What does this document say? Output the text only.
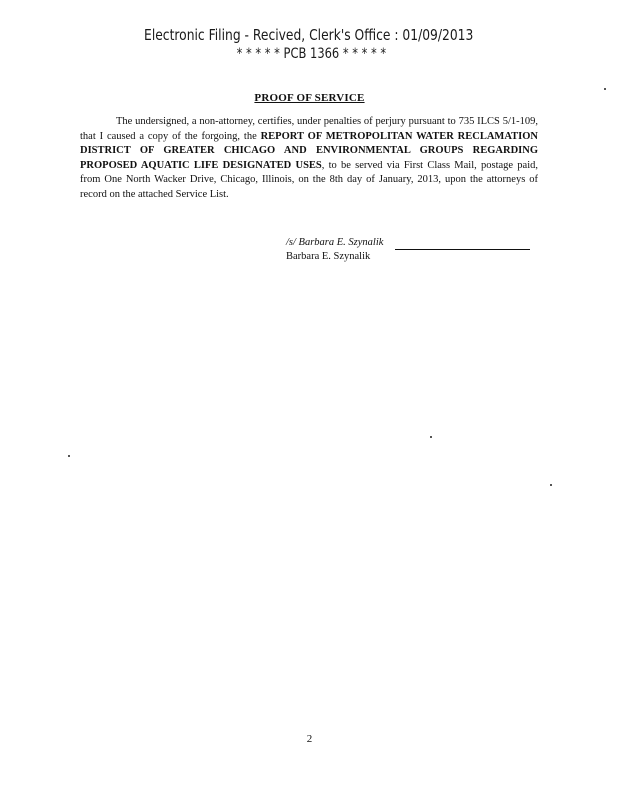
Electronic Filing - Recived, Clerk's Office : 01/09/2013
* * * * * PCB 1366 * * * * *
PROOF OF SERVICE
The undersigned, a non-attorney, certifies, under penalties of perjury pursuant to 735 ILCS 5/1-109, that I caused a copy of the forgoing, the REPORT OF METROPOLITAN WATER RECLAMATION DISTRICT OF GREATER CHICAGO AND ENVIRONMENTAL GROUPS REGARDING PROPOSED AQUATIC LIFE DESIGNATED USES, to be served via First Class Mail, postage paid, from One North Wacker Drive, Chicago, Illinois, on the 8th day of January, 2013, upon the attorneys of record on the attached Service List.
/s/ Barbara E. Szynalik
Barbara E. Szynalik
2
